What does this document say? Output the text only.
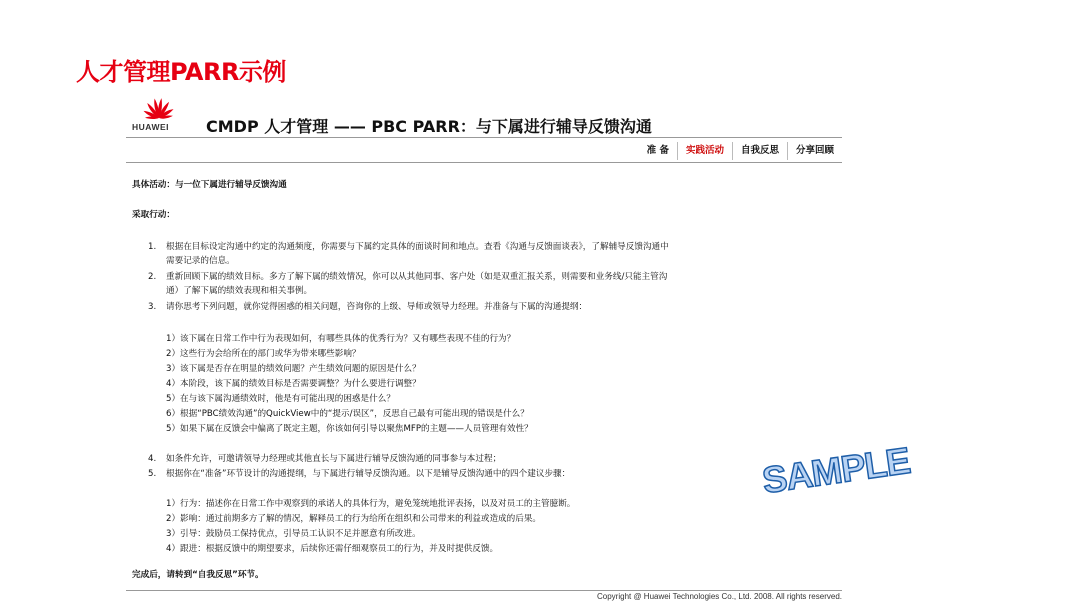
人才管理PARR示例
HUAWEI CMDP 人才管理 —— PBC PARR：与下属进行辅导反馈沟通
准 备	实践活动	自我反思	分享回顾
具体活动：与一位下属进行辅导反馈沟通
采取行动：
1. 根据在目标设定沟通中约定的沟通频度，你需要与下属约定具体的面谈时间和地点。查看《沟通与反馈面谈表》，了解辅导反馈沟通中
需要记录的信息。
2. 重新回顾下属的绩效目标。多方了解下属的绩效情况，你可以从其他同事、客户处（如是双重汇报关系，则需要和业务线/只能主管沟
通）了解下属的绩效表现和相关事例。
3. 请你思考下列问题，就你觉得困惑的相关问题，咨询你的上级、导师或领导力经理。并准备与下属的沟通提纲：
1）该下属在日常工作中行为表现如何，有哪些具体的优秀行为？又有哪些表现不佳的行为？
2）这些行为会给所在的部门或华为带来哪些影响？
3）该下属是否存在明显的绩效问题？产生绩效问题的原因是什么？
4）本阶段，该下属的绩效目标是否需要调整？为什么要进行调整？
5）在与该下属沟通绩效时，他是有可能出现的困惑是什么？
6）根据“PBC绩效沟通”的QuickView中的“提示/误区”，反思自己最有可能出现的错误是什么？
5）如果下属在反馈会中偏离了既定主题，你该如何引导以聚焦MFP的主题——人员管理有效性？
4. 如条件允许，可邀请领导力经理或其他直长与下属进行辅导反馈沟通的同事参与本过程；
5. 根据你在“准备”环节设计的沟通提纲，与下属进行辅导反馈沟通。以下是辅导反馈沟通中的四个建议步骤：
1）行为：描述你在日常工作中观察到的承诺人的具体行为，避免笼统地批评表扬，以及对员工的主管臆断。
2）影响：通过前期多方了解的情况，解释员工的行为给所在组织和公司带来的利益或造成的后果。
3）引导：鼓励员工保持优点，引导员工认识不足并愿意有所改进。
4）跟进：根据反馈中的期望要求，后续你还需仔细观察员工的行为，并及时提供反馈。
完成后，请转到“自我反思”环节。
Copyright @ Huawei Technologies Co., Ltd. 2008. All rights reserved.
SAMPLE
